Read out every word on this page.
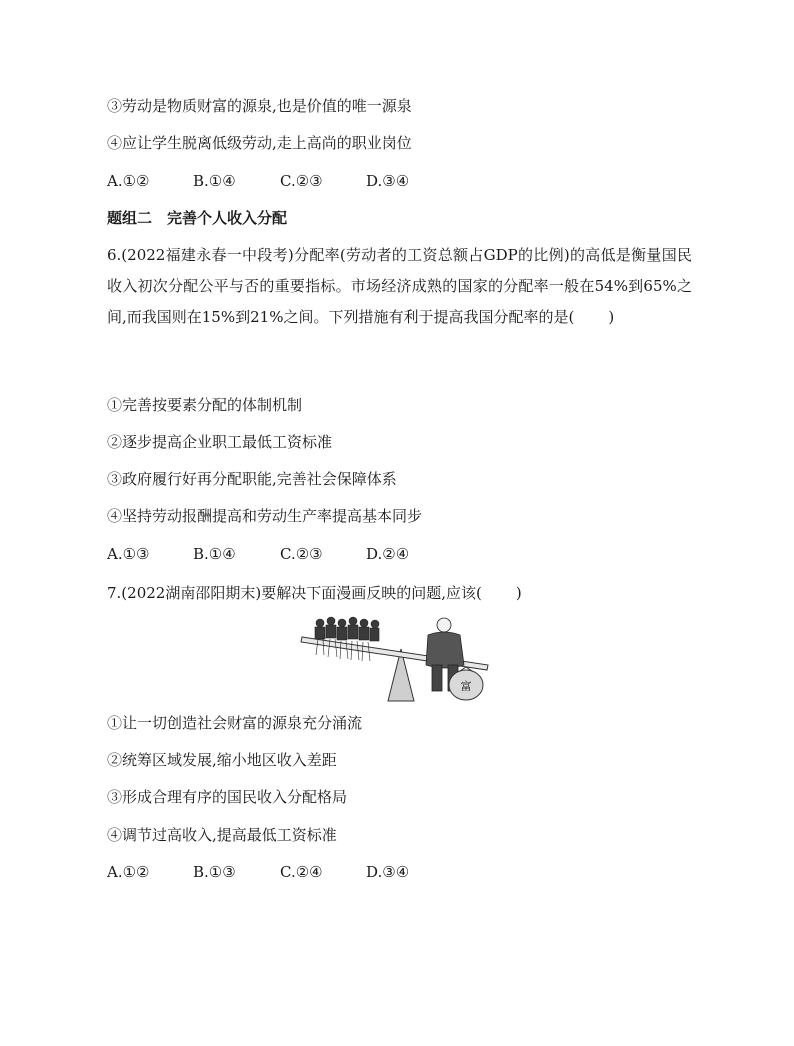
③劳动是物质财富的源泉,也是价值的唯一源泉
④应让学生脱离低级劳动,走上高尚的职业岗位
A.①②	B.①④	C.②③	D.③④
题组二　完善个人收入分配
6.(2022福建永春一中段考)分配率(劳动者的工资总额占GDP的比例)的高低是衡量国民收入初次分配公平与否的重要指标。市场经济成熟的国家的分配率一般在54%到65%之间,而我国则在15%到21%之间。下列措施有利于提高我国分配率的是( )
①完善按要素分配的体制机制
②逐步提高企业职工最低工资标准
③政府履行好再分配职能,完善社会保障体系
④坚持劳动报酬提高和劳动生产率提高基本同步
A.①③	B.①④	C.②③	D.②④
7.(2022湖南邵阳期末)要解决下面漫画反映的问题,应该( )
富
①让一切创造社会财富的源泉充分涌流
②统筹区域发展,缩小地区收入差距
③形成合理有序的国民收入分配格局
④调节过高收入,提高最低工资标准
A.①②	B.①③	C.②④	D.③④
